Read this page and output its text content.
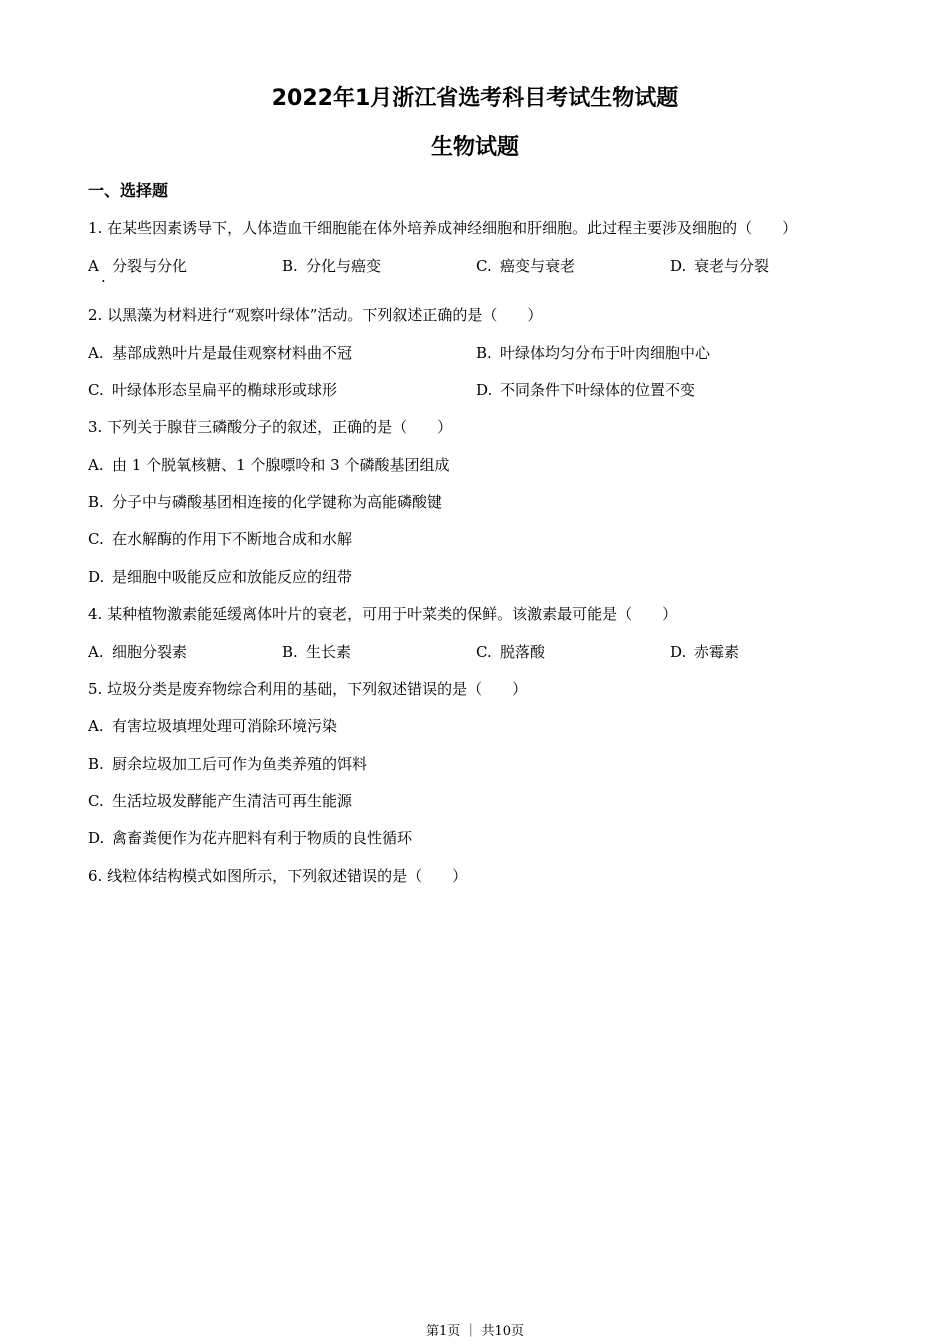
2022年1月浙江省选考科目考试生物试题
生物试题
一、选择题
1. 在某些因素诱导下，人体造血干细胞能在体外培养成神经细胞和肝细胞。此过程主要涉及细胞的（　　）
A 分裂与分化
·
B. 分化与癌变	C. 癌变与衰老	D. 衰老与分裂
2. 以黑藻为材料进行“观察叶绿体”活动。下列叙述正确的是（　　）
A. 基部成熟叶片是最佳观察材料曲不冠	B. 叶绿体均匀分布于叶肉细胞中心
C. 叶绿体形态呈扁平的椭球形或球形	D. 不同条件下叶绿体的位置不变
3. 下列关于腺苷三磷酸分子的叙述，正确的是（　　）
A. 由 1 个脱氧核糖、1 个腺嘌呤和 3 个磷酸基团组成
B. 分子中与磷酸基团相连接的化学键称为高能磷酸键
C. 在水解酶的作用下不断地合成和水解
D. 是细胞中吸能反应和放能反应的纽带
4. 某种植物激素能延缓离体叶片的衰老，可用于叶菜类的保鲜。该激素最可能是（　　）
A. 细胞分裂素	B. 生长素	C. 脱落酸	D. 赤霉素
5. 垃圾分类是废弃物综合利用的基础，下列叙述错误的是（　　）
A. 有害垃圾填埋处理可消除环境污染
B. 厨余垃圾加工后可作为鱼类养殖的饵料
C. 生活垃圾发酵能产生清洁可再生能源
D. 禽畜粪便作为花卉肥料有利于物质的良性循环
6. 线粒体结构模式如图所示，下列叙述错误的是（　　）
第1页 ｜ 共10页
